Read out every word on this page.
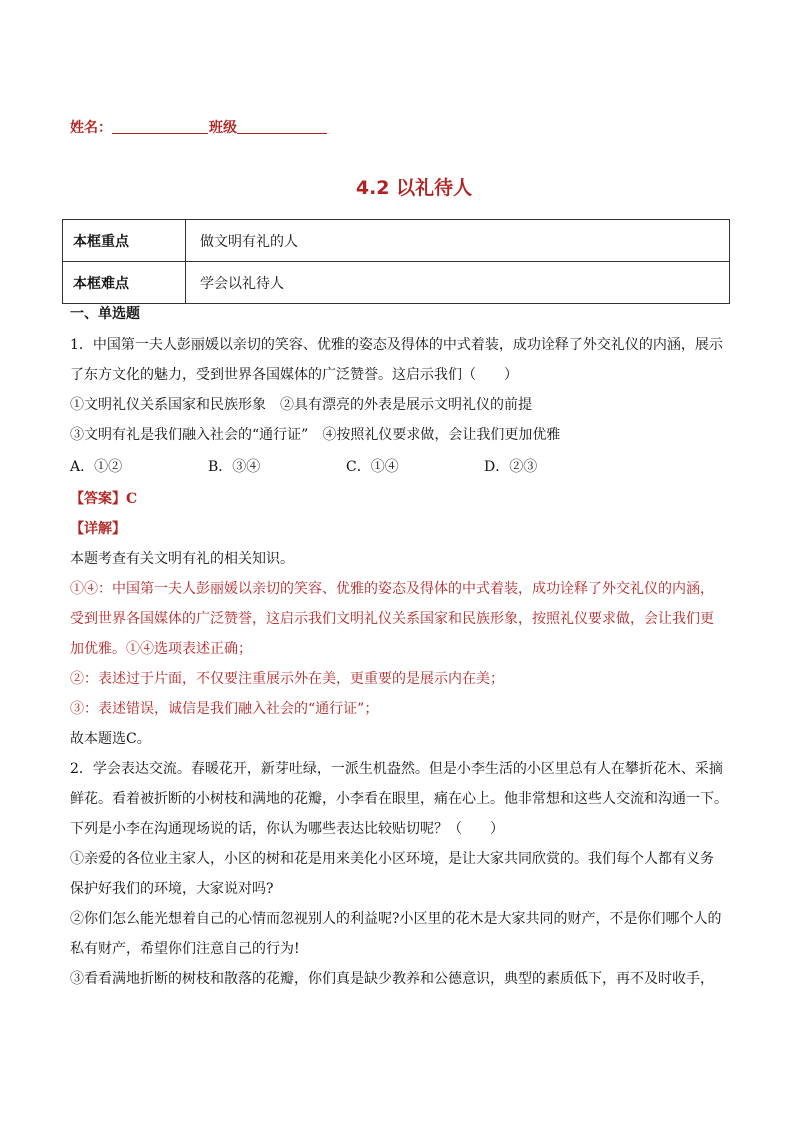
姓名：	班级
4.2 以礼待人
本框重点	做文明有礼的人
本框难点	学会以礼待人
一、单选题
1．中国第一夫人彭丽媛以亲切的笑容、优雅的姿态及得体的中式着装，成功诠释了外交礼仪的内涵，展示
了东方文化的魅力，受到世界各国媒体的广泛赞誉。这启示我们（　　）
①文明礼仪关系国家和民族形象　②具有漂亮的外表是展示文明礼仪的前提
③文明有礼是我们融入社会的“通行证”　④按照礼仪要求做，会让我们更加优雅
A．①②	B．③④	C．①④	D．②③
【答案】C
【详解】
本题考查有关文明有礼的相关知识。
①④：中国第一夫人彭丽媛以亲切的笑容、优雅的姿态及得体的中式着装，成功诠释了外交礼仪的内涵，
受到世界各国媒体的广泛赞誉，这启示我们文明礼仪关系国家和民族形象，按照礼仪要求做，会让我们更
加优雅。①④选项表述正确；
②：表述过于片面，不仅要注重展示外在美，更重要的是展示内在美；
③：表述错误，诚信是我们融入社会的“通行证”；
故本题选C。
2．学会表达交流。春暖花开，新芽吐绿，一派生机盎然。但是小李生活的小区里总有人在攀折花木、采摘
鲜花。看着被折断的小树枝和满地的花瓣，小李看在眼里，痛在心上。他非常想和这些人交流和沟通一下。
下列是小李在沟通现场说的话，你认为哪些表达比较贴切呢？（　　）
①亲爱的各位业主家人，小区的树和花是用来美化小区环境，是让大家共同欣赏的。我们每个人都有义务
保护好我们的环境，大家说对吗?
②你们怎么能光想着自己的心情而忽视别人的利益呢?小区里的花木是大家共同的财产，不是你们哪个人的
私有财产，希望你们注意自己的行为!
③看看满地折断的树枝和散落的花瓣，你们真是缺少教养和公德意识，典型的素质低下，再不及时收手，
